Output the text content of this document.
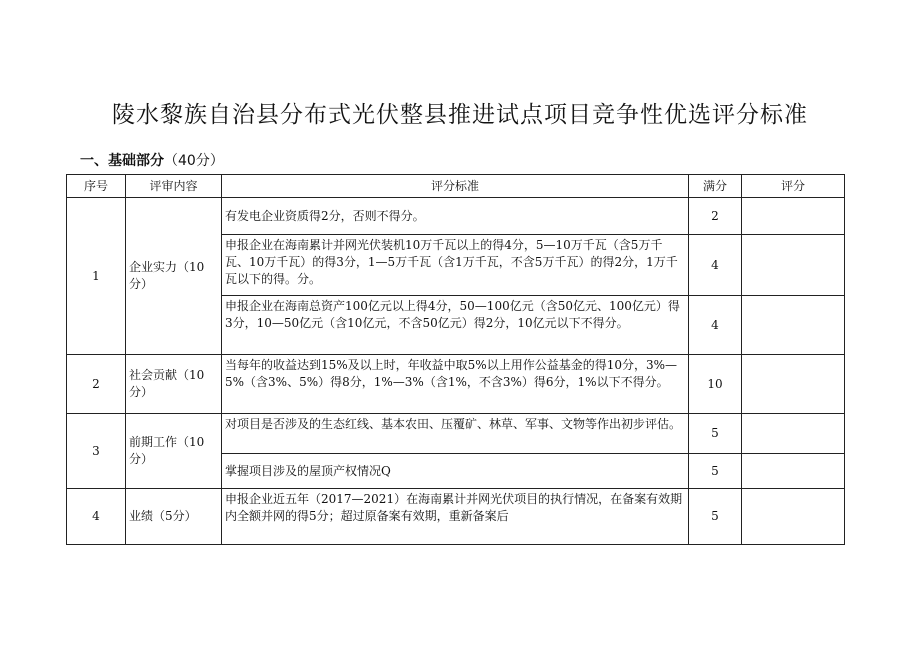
陵水黎族自治县分布式光伏整县推进试点项目竞争性优选评分标准
一、基础部分（40分）
序号	评审内容	评分标准	满分	评分
1	企业实力（10分）	有发电企业资质得2分，否则不得分。	2	
		申报企业在海南累计并网光伏装机10万千瓦以上的得4分，5—10万千瓦（含5万千瓦、10万千瓦）的得3分，1—5万千瓦（含1万千瓦，不含5万千瓦）的得2分，1万千瓦以下的得。分。	4	
		申报企业在海南总资产100亿元以上得4分，50—100亿元（含50亿元、100亿元）得3分，10—50亿元（含10亿元，不含50亿元）得2分，10亿元以下不得分。	4	
2	社会贡献（10分）	当每年的收益达到15%及以上时，年收益中取5%以上用作公益基金的得10分，3%—5%（含3%、5%）得8分，1%—3%（含1%，不含3%）得6分，1%以下不得分。	10	
3	前期工作（10分）	对项目是否涉及的生态红线、基本农田、压覆矿、林草、军事、文物等作出初步评估。	5	
		掌握项目涉及的屋顶产权情况Q	5	
4	业绩（5分）	申报企业近五年（2017—2021）在海南累计并网光伏项目的执行情况，在备案有效期内全额并网的得5分；超过原备案有效期，重新备案后	5	
